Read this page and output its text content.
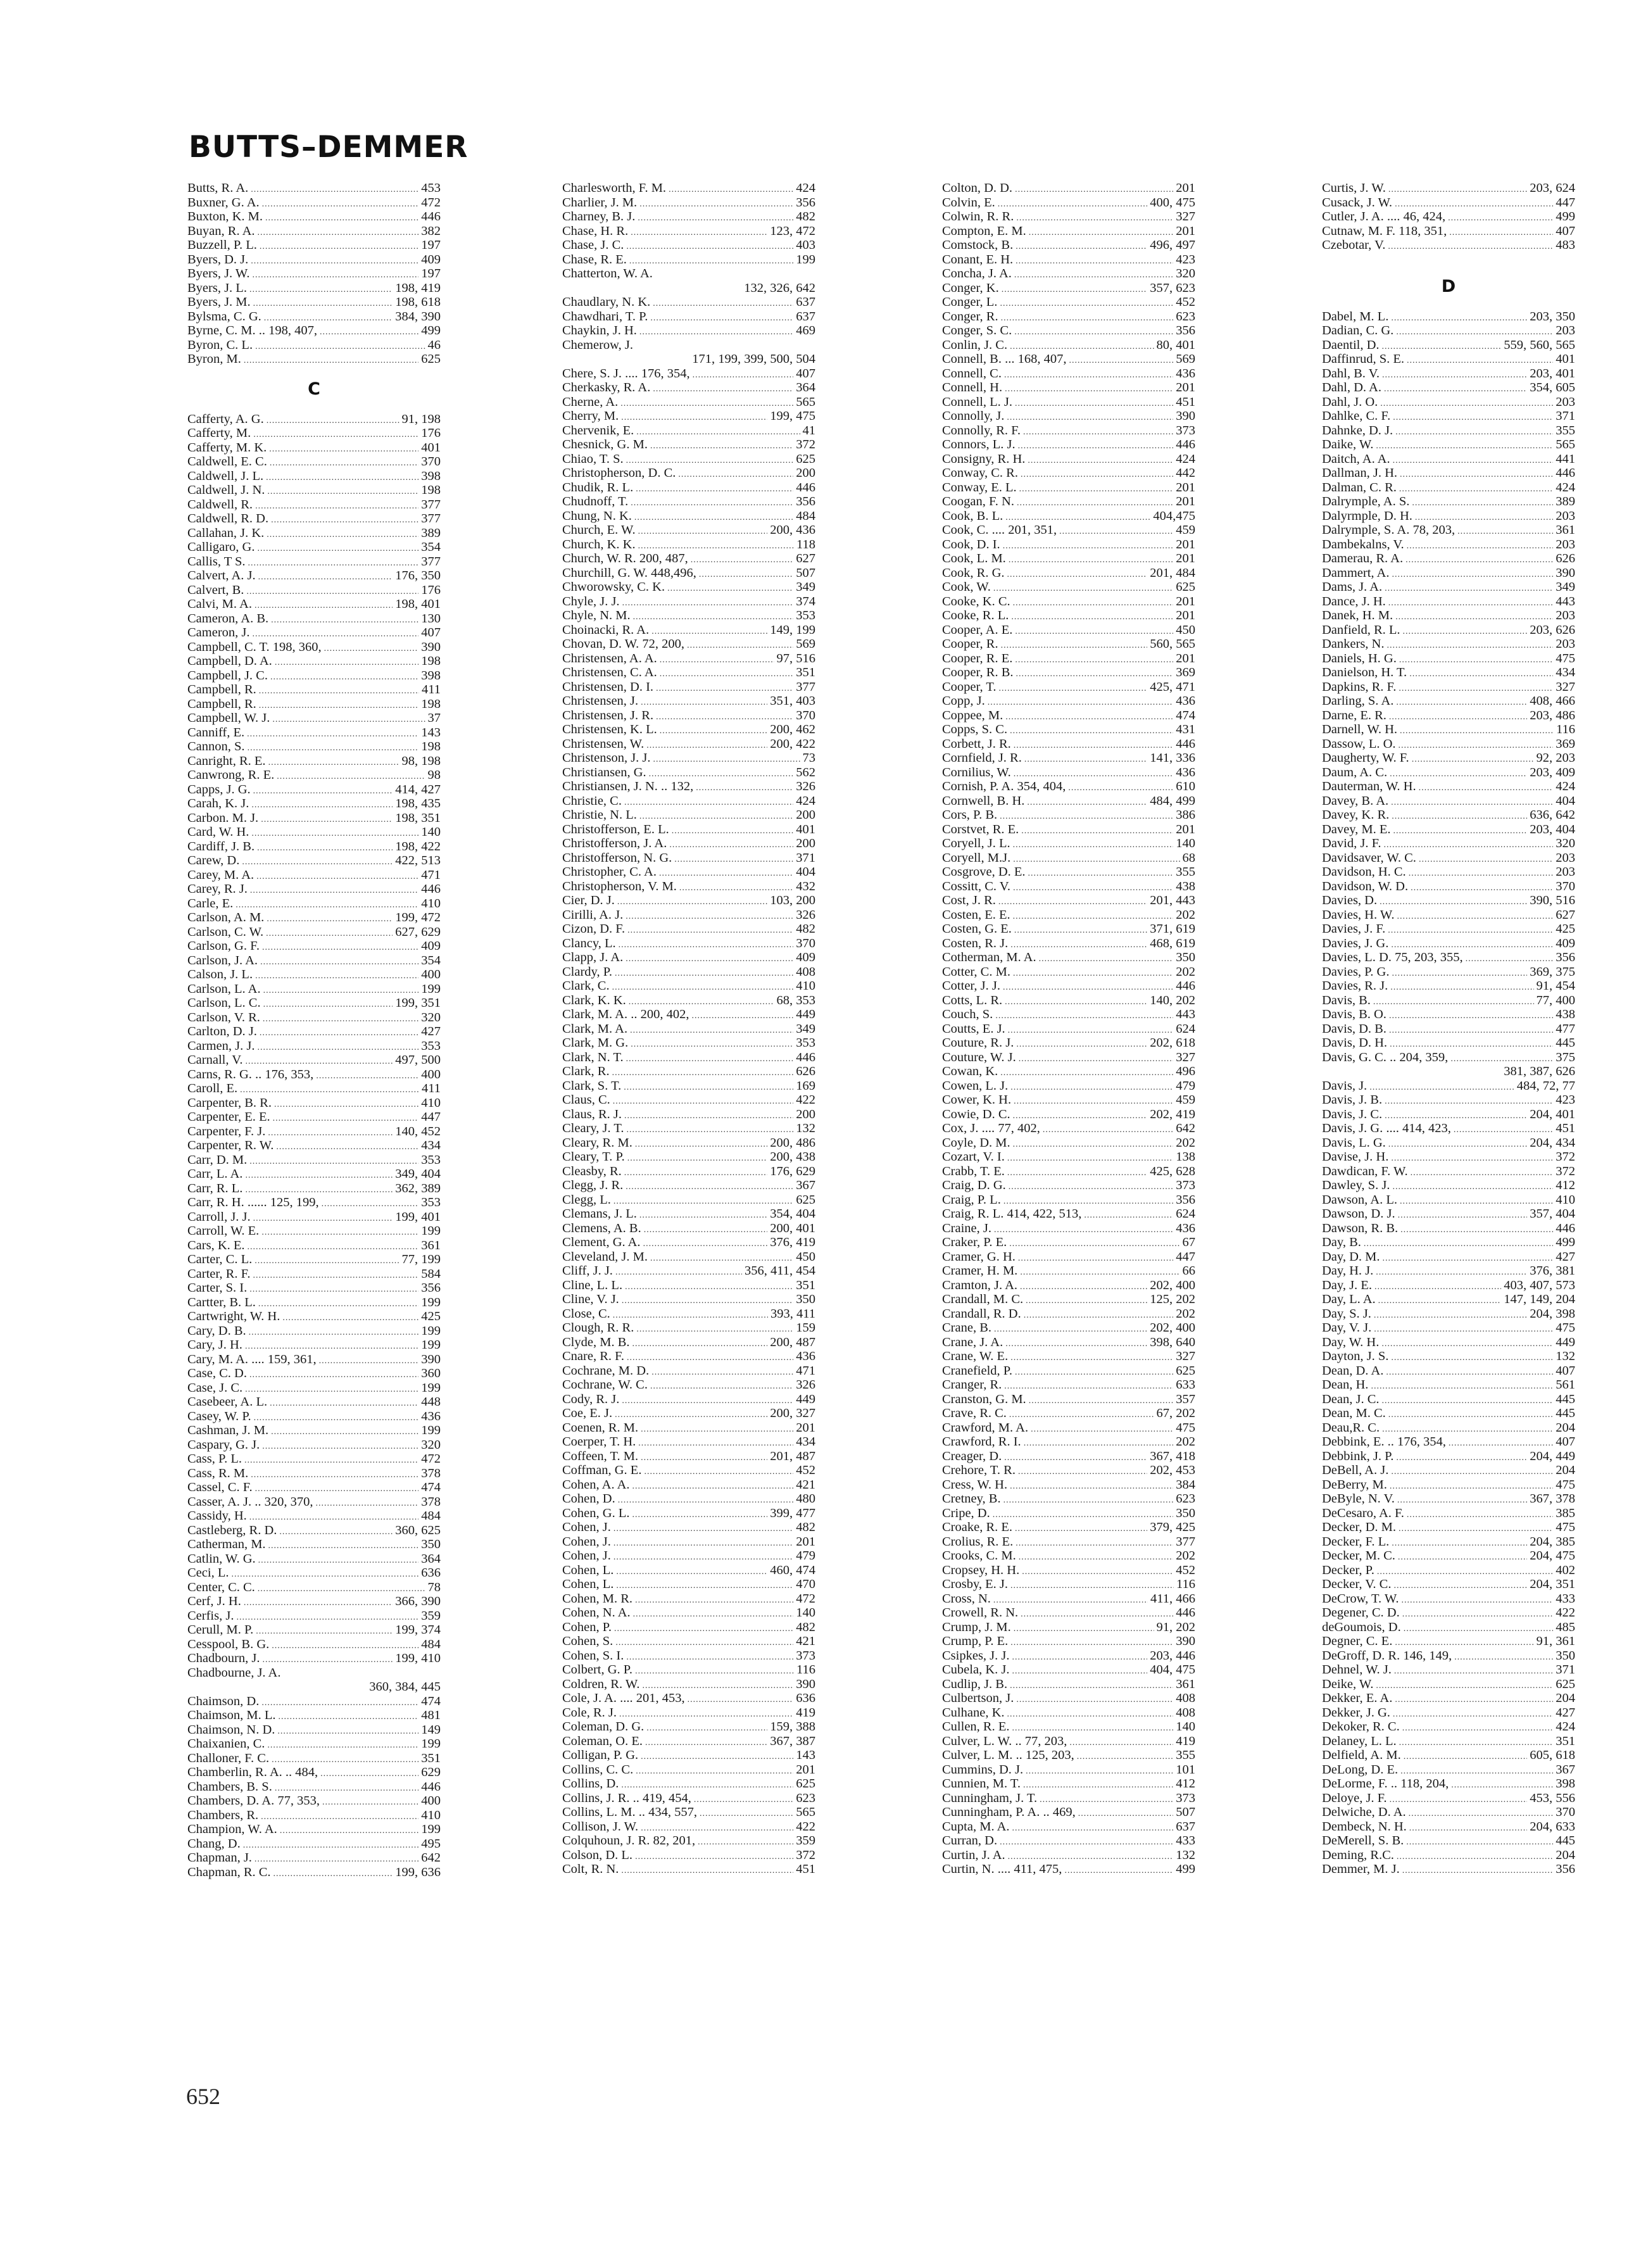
BUTTS–DEMMER
Butts, R. A. .....	453
Buxner, G. A. .....	472
Buxton, K. M. .....	446
Buyan, R. A. .....	382
Buzzell, P. L. .....	197
Byers, D. J. .....	409
Byers, J. W. .....	197
Byers, J. L. .....	198, 419
Byers, J. M. .....	198, 618
Bylsma, C. G. .....	384, 390
Byrne, C. M. .. 198, 407, .....	499
Byron, C. L. .....	46
Byron, M. .....	625
C
Cafferty, A. G. .....	91, 198
Cafferty, M. .....	176
Cafferty, M. K. .....	401
Caldwell, E. C. .....	370
Caldwell, J. L. .....	398
Caldwell, J. N. .....	198
Caldwell, R. .....	377
Caldwell, R. D. .....	377
Callahan, J. K. .....	389
Calligaro, G. .....	354
Callis, T S. .....	377
Calvert, A. J. .....	176, 350
Calvert, B. .....	176
Calvi, M. A. .....	198, 401
Cameron, A. B. .....	130
Cameron, J. .....	407
Campbell, C. T. 198, 360, .....	390
Campbell, D. A. .....	198
Campbell, J. C. .....	398
Campbell, R. .....	411
Campbell, R. .....	198
Campbell, W. J. .....	37
Canniff, E. .....	143
Cannon, S. .....	198
Canright, R. E. .....	98, 198
Canwrong, R. E. .....	98
Capps, J. G. .....	414, 427
Carah, K. J. .....	198, 435
Carbon. M. J. .....	198, 351
Card, W. H. .....	140
Cardiff, J. B. .....	198, 422
Carew, D. .....	422, 513
Carey, M. A. .....	471
Carey, R. J. .....	446
Carle, E. .....	410
Carlson, A. M. .....	199, 472
Carlson, C. W. .....	627, 629
Carlson, G. F. .....	409
Carlson, J. A. .....	354
Calson, J. L. .....	400
Carlson, L. A. .....	199
Carlson, L. C. .....	199, 351
Carlson, V. R. .....	320
Carlton, D. J. .....	427
Carmen, J. J. .....	353
Carnall, V. .....	497, 500
Carns, R. G. .. 176, 353, .....	400
Caroll, E. .....	411
Carpenter, B. R. .....	410
Carpenter, E. E. .....	447
Carpenter, F. J. .....	140, 452
Carpenter, R. W. .....	434
Carr, D. M. .....	353
Carr, L. A. .....	349, 404
Carr, R. L. .....	362, 389
Carr, R. H. ...... 125, 199, .....	353
Carroll, J. J. .....	199, 401
Carroll, W. E. .....	199
Cars, K. E. .....	361
Carter, C. L. .....	77, 199
Carter, R. F. .....	584
Carter, S. I. .....	356
Cartter, B. L. .....	199
Cartwright, W. H. .....	425
Cary, D. B. .....	199
Cary, J. H. .....	199
Cary, M. A. .... 159, 361, .....	390
Case, C. D. .....	360
Case, J. C. .....	199
Casebeer, A. L. .....	448
Casey, W. P. .....	436
Cashman, J. M. .....	199
Caspary, G. J. .....	320
Cass, P. L. .....	472
Cass, R. M. .....	378
Cassel, C. F. .....	474
Casser, A. J. .. 320, 370, .....	378
Cassidy, H. .....	484
Castleberg, R. D. .....	360, 625
Catherman, M. .....	350
Catlin, W. G. .....	364
Ceci, L. .....	636
Center, C. C. .....	78
Cerf, J. H. .....	366, 390
Cerfis, J. .....	359
Cerull, M. P. .....	199, 374
Cesspool, B. G. .....	484
Chadbourn, J. .....	199, 410
Chadbourne, J. A.
360, 384, 445
Chaimson, D. .....	474
Chaimson, M. L. .....	481
Chaimson, N. D. .....	149
Chaixanien, C. .....	199
Challoner, F. C. .....	351
Chamberlin, R. A. .. 484, .....	629
Chambers, B. S. .....	446
Chambers, D. A. 77, 353, .....	400
Chambers, R. .....	410
Champion, W. A. .....	199
Chang, D. .....	495
Chapman, J. .....	642
Chapman, R. C. .....	199, 636
Charlesworth, F. M. .....	424
Charlier, J. M. .....	356
Charney, B. J. .....	482
Chase, H. R. .....	123, 472
Chase, J. C. .....	403
Chase, R. E. .....	199
Chatterton, W. A.
132, 326, 642
Chaudlary, N. K. .....	637
Chawdhari, T. P. .....	637
Chaykin, J. H. .....	469
Chemerow, J.
171, 199, 399, 500, 504
Chere, S. J. .... 176, 354, .....	407
Cherkasky, R. A. .....	364
Cherne, A. .....	565
Cherry, M. .....	199, 475
Chervenik, E. .....	41
Chesnick, G. M. .....	372
Chiao, T. S. .....	625
Christopherson, D. C. .....	200
Chudik, R. L. .....	446
Chudnoff, T. .....	356
Chung, N. K. .....	484
Church, E. W. .....	200, 436
Church, K. K. .....	118
Church, W. R. 200, 487, .....	627
Churchill, G. W. 448,496, .....	507
Chworowsky, C. K. .....	349
Chyle, J. J. .....	374
Chyle, N. M. .....	353
Choinacki, R. A. .....	149, 199
Chovan, D. W. 72, 200, .....	569
Christensen, A. A. .....	97, 516
Christensen, C. A. .....	351
Christensen, D. I. .....	377
Christensen, J. .....	351, 403
Christensen, J. R. .....	370
Christensen, K. L. .....	200, 462
Christensen, W. .....	200, 422
Christenson, J. J. .....	73
Christiansen, G. .....	562
Christiansen, J. N. .. 132, .....	326
Christie, C. .....	424
Christie, N. L. .....	200
Christofferson, E. L. .....	401
Christofferson, J. A. .....	200
Christofferson, N. G. .....	371
Christopher, C. A. .....	404
Christopherson, V. M. .....	432
Cier, D. J. .....	103, 200
Cirilli, A. J. .....	326
Cizon, D. F. .....	482
Clancy, L. .....	370
Clapp, J. A. .....	409
Clardy, P. .....	408
Clark, C. .....	410
Clark, K. K. .....	68, 353
Clark, M. A. .. 200, 402, .....	449
Clark, M. A. .....	349
Clark, M. G. .....	353
Clark, N. T. .....	446
Clark, R. .....	626
Clark, S. T. .....	169
Claus, C. .....	422
Claus, R. J. .....	200
Cleary, J. T. .....	132
Cleary, R. M. .....	200, 486
Cleary, T. P. .....	200, 438
Cleasby, R. .....	176, 629
Clegg, J. R. .....	367
Clegg, L. .....	625
Clemans, J. L. .....	354, 404
Clemens, A. B. .....	200, 401
Clement, G. A. .....	376, 419
Cleveland, J. M. .....	450
Cliff, J. J. .....	356, 411, 454
Cline, L. L. .....	351
Cline, V. J. .....	350
Close, C. .....	393, 411
Clough, R. R. .....	159
Clyde, M. B. .....	200, 487
Cnare, R. F. .....	436
Cochrane, M. D. .....	471
Cochrane, W. C. .....	326
Cody, R. J. .....	449
Coe, E. J. .....	200, 327
Coenen, R. M. .....	201
Coerper, T. H. .....	434
Coffeen, T. M. .....	201, 487
Coffman, G. E. .....	452
Cohen, A. A. .....	421
Cohen, D. .....	480
Cohen, G. L. .....	399, 477
Cohen, J. .....	482
Cohen, J. .....	201
Cohen, J. .....	479
Cohen, L. .....	460, 474
Cohen, L. .....	470
Cohen, M. R. .....	472
Cohen, N. A. .....	140
Cohen, P. .....	482
Cohen, S. .....	421
Cohen, S. I. .....	373
Colbert, G. P. .....	116
Coldren, R. W. .....	390
Cole, J. A. .... 201, 453, .....	636
Cole, R. J. .....	419
Coleman, D. G. .....	159, 388
Coleman, O. E. .....	367, 387
Colligan, P. G. .....	143
Collins, C. C. .....	201
Collins, D. .....	625
Collins, J. R. .. 419, 454, .....	623
Collins, L. M. .. 434, 557, .....	565
Collison, J. W. .....	422
Colquhoun, J. R. 82, 201, .....	359
Colson, D. L. .....	372
Colt, R. N. .....	451
Colton, D. D. .....	201
Colvin, E. .....	400, 475
Colwin, R. R. .....	327
Compton, E. M. .....	201
Comstock, B. .....	496, 497
Conant, E. H. .....	423
Concha, J. A. .....	320
Conger, K. .....	357, 623
Conger, L. .....	452
Conger, R. .....	623
Conger, S. C. .....	356
Conlin, J. C. .....	80, 401
Connell, B. ... 168, 407, .....	569
Connell, C. .....	436
Connell, H. .....	201
Connell, L. J. .....	451
Connolly, J. .....	390
Connolly, R. F. .....	373
Connors, L. J. .....	446
Consigny, R. H. .....	424
Conway, C. R. .....	442
Conway, E. L. .....	201
Coogan, F. N. .....	201
Cook, B. L. .....	404,475
Cook, C. .... 201, 351, .....	459
Cook, D. I. .....	201
Cook, L. M. .....	201
Cook, R. G. .....	201, 484
Cook, W. .....	625
Cooke, K. C. .....	201
Cooke, R. L. .....	201
Cooper, A. E. .....	450
Cooper, R. .....	560, 565
Cooper, R. E. .....	201
Cooper, R. B. .....	369
Cooper, T. .....	425, 471
Copp, J. .....	436
Coppee, M. .....	474
Copps, S. C. .....	431
Corbett, J. R. .....	446
Cornfield, J. R. .....	141, 336
Cornilius, W. .....	436
Cornish, P. A. 354, 404, .....	610
Cornwell, B. H. .....	484, 499
Cors, P. B. .....	386
Corstvet, R. E. .....	201
Coryell, J. L. .....	140
Coryell, M.J. .....	68
Cosgrove, D. E. .....	355
Cossitt, C. V. .....	438
Cost, J. R. .....	201, 443
Costen, E. E. .....	202
Costen, G. E. .....	371, 619
Costen, R. J. .....	468, 619
Cotherman, M. A. .....	350
Cotter, C. M. .....	202
Cotter, J. J. .....	446
Cotts, L. R. .....	140, 202
Couch, S. .....	443
Coutts, E. J. .....	624
Couture, R. J. .....	202, 618
Couture, W. J. .....	327
Cowan, K. .....	496
Cowen, L. J. .....	479
Cower, K. H. .....	459
Cowie, D. C. .....	202, 419
Cox, J. .... 77, 402, .....	642
Coyle, D. M. .....	202
Cozart, V. I. .....	138
Crabb, T. E. .....	425, 628
Craig, D. G. .....	373
Craig, P. L. .....	356
Craig, R. L. 414, 422, 513, .....	624
Craine, J. .....	436
Craker, P. E. .....	67
Cramer, G. H. .....	447
Cramer, H. M. .....	66
Cramton, J. A. .....	202, 400
Crandall, M. C. .....	125, 202
Crandall, R. D. .....	202
Crane, B. .....	202, 400
Crane, J. A. .....	398, 640
Crane, W. E. .....	327
Cranefield, P. .....	625
Cranger, R. .....	633
Cranston, G. M. .....	357
Crave, R. C. .....	67, 202
Crawford, M. A. .....	475
Crawford, R. I. .....	202
Creager, D. .....	367, 418
Crehore, T. R. .....	202, 453
Cress, W. H. .....	384
Cretney, B. .....	623
Cripe, D. .....	350
Croake, R. E. .....	379, 425
Crolius, R. E. .....	377
Crooks, C. M. .....	202
Cropsey, H. H. .....	452
Crosby, E. J. .....	116
Cross, N. .....	411, 466
Crowell, R. N. .....	446
Crump, J. M. .....	91, 202
Crump, P. E. .....	390
Csipkes, J. J. .....	203, 446
Cubela, K. J. .....	404, 475
Cudlip, J. B. .....	361
Culbertson, J. .....	408
Culhane, K. .....	408
Cullen, R. E. .....	140
Culver, L. W. .. 77, 203, .....	419
Culver, L. M. .. 125, 203, .....	355
Cummins, D. J. .....	101
Cunnien, M. T. .....	412
Cunningham, J. T. .....	373
Cunningham, P. A. .. 469, .....	507
Cupta, M. A. .....	637
Curran, D. .....	433
Curtin, J. A. .....	132
Curtin, N. .... 411, 475, .....	499
Curtis, J. W. .....	203, 624
Cusack, J. W. .....	447
Cutler, J. A. .... 46, 424, .....	499
Cutnaw, M. F. 118, 351, .....	407
Czebotar, V. .....	483
D
Dabel, M. L. .....	203, 350
Dadian, C. G. .....	203
Daentil, D. .....	559, 560, 565
Daffinrud, S. E. .....	401
Dahl, B. V. .....	203, 401
Dahl, D. A. .....	354, 605
Dahl, J. O. .....	203
Dahlke, C. F. .....	371
Dahnke, D. J. .....	355
Daike, W. .....	565
Daitch, A. A. .....	441
Dallman, J. H. .....	446
Dalman, C. R. .....	424
Dalrymple, A. S. .....	389
Dalyrmple, D. H. .....	203
Dalrymple, S. A. 78, 203, .....	361
Dambekalns, V. .....	203
Damerau, R. A. .....	626
Dammert, A. .....	390
Dams, J. A. .....	349
Dance, J. H. .....	443
Danek, H. M. .....	203
Danfield, R. L. .....	203, 626
Dankers, N. .....	203
Daniels, H. G. .....	475
Danielson, H. T. .....	434
Dapkins, R. F. .....	327
Darling, S. A. .....	408, 466
Darne, E. R. .....	203, 486
Darnell, W. H. .....	116
Dassow, L. O. .....	369
Daugherty, W. F. .....	92, 203
Daum, A. C. .....	203, 409
Dauterman, W. H. .....	424
Davey, B. A. .....	404
Davey, K. R. .....	636, 642
Davey, M. E. .....	203, 404
David, J. F. .....	320
Davidsaver, W. C. .....	203
Davidson, H. C. .....	203
Davidson, W. D. .....	370
Davies, D. .....	390, 516
Davies, H. W. .....	627
Davies, J. F. .....	425
Davies, J. G. .....	409
Davies, L. D. 75, 203, 355, .....	356
Davies, P. G. .....	369, 375
Davies, R. J. .....	91, 454
Davis, B. .....	77, 400
Davis, B. O. .....	438
Davis, D. B. .....	477
Davis, D. H. .....	445
Davis, G. C. .. 204, 359, .....	375
381, 387, 626
Davis, J. .....	484, 72, 77
Davis, J. B. .....	423
Davis, J. C. .....	204, 401
Davis, J. G. .... 414, 423, .....	451
Davis, L. G. .....	204, 434
Davise, J. H. .....	372
Dawdican, F. W. .....	372
Dawley, S. J. .....	412
Dawson, A. L. .....	410
Dawson, D. J. .....	357, 404
Dawson, R. B. .....	446
Day, B. .....	499
Day, D. M. .....	427
Day, H. J. .....	376, 381
Day, J. E. .....	403, 407, 573
Day, L. A. .....	147, 149, 204
Day, S. J. .....	204, 398
Day, V. J. .....	475
Day, W. H. .....	449
Dayton, J. S. .....	132
Dean, D. A. .....	407
Dean, H. .....	561
Dean, J. C. .....	445
Dean, M. C. .....	445
Deau,R. C. .....	204
Debbink, E. .. 176, 354, .....	407
Debbink, J. P. .....	204, 449
DeBell, A. J. .....	204
DeBerry, M. .....	475
DeByle, N. V. .....	367, 378
DeCesaro, A. F. .....	385
Decker, D. M. .....	475
Decker, F. L. .....	204, 385
Decker, M. C. .....	204, 475
Decker, P. .....	402
Decker, V. C. .....	204, 351
DeCrow, T. W. .....	433
Degener, C. D. .....	422
deGoumois, D. .....	485
Degner, C. E. .....	91, 361
DeGroff, D. R. 146, 149, .....	350
Dehnel, W. J. .....	371
Deike, W. .....	625
Dekker, E. A. .....	204
Dekker, J. G. .....	427
Dekoker, R. C. .....	424
Delaney, L. L. .....	351
Delfield, A. M. .....	605, 618
DeLong, D. E. .....	367
DeLorme, F. .. 118, 204, .....	398
Deloye, J. F. .....	453, 556
Delwiche, D. A. .....	370
Dembeck, N. H. .....	204, 633
DeMerell, S. B. .....	445
Deming, R.C. .....	204
Demmer, M. J. .....	356
652
